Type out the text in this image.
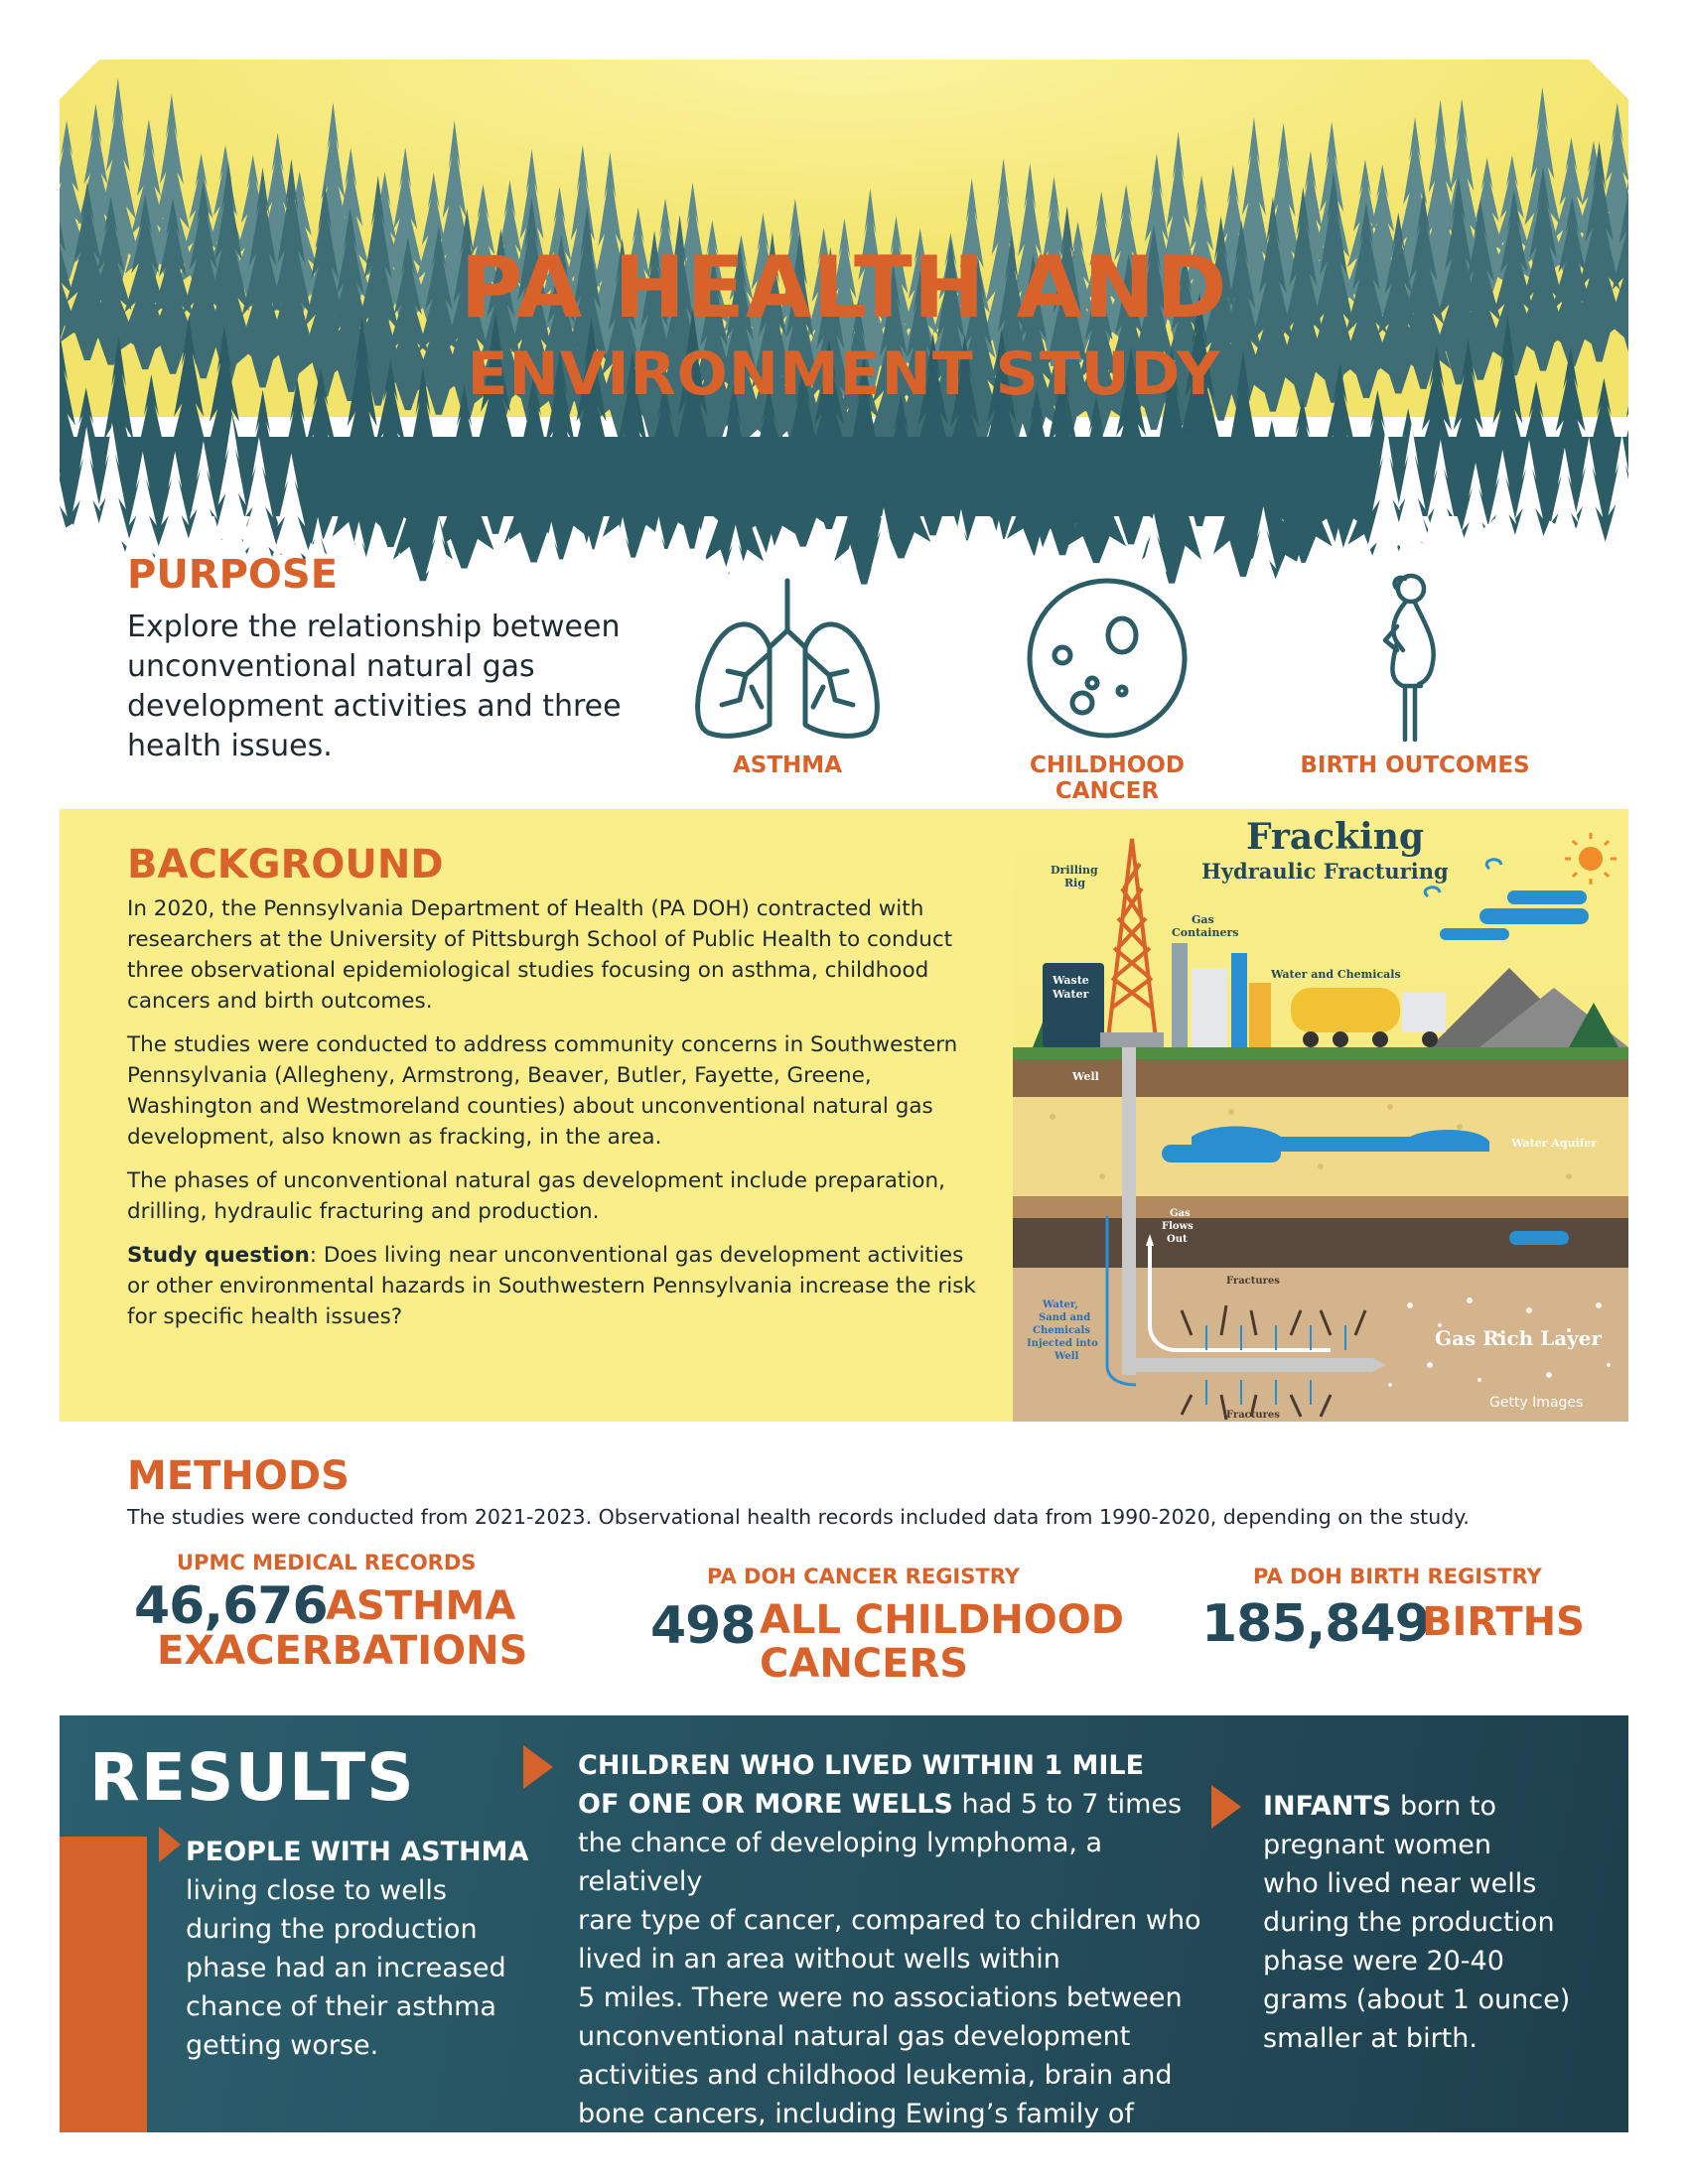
PA HEALTH AND
ENVIRONMENT STUDY
PURPOSE
Explore the relationship between
unconventional natural gas
development activities and three
health issues.
ASTHMA	CHILDHOOD CANCER
BIRTH OUTCOMES
BACKGROUND

In 2020, the Pennsylvania Department of Health (PA DOH) contracted with researchers at the University of Pittsburgh School of Public Health to conduct three observational epidemiological studies focusing on asthma, childhood cancers and birth outcomes.

The studies were conducted to address community concerns in Southwestern Pennsylvania (Allegheny, Armstrong, Beaver, Butler, Fayette, Greene, Washington and Westmoreland counties) about unconventional natural gas development, also known as fracking, in the area.

The phases of unconventional natural gas development include preparation, drilling, hydraulic fracturing and production.

Study question: Does living near unconventional gas development activities or other environmental hazards in Southwestern Pennsylvania increase the risk for specific health issues?

Fracking
Hydraulic Fracturing
Drilling
Rig
Gas
Containers
Waste
Water
Water and Chemicals
Well
Water Aquifer
Gas
Flows
Out
Water,
Sand and
Chemicals
Injected into
Well
Fractures
Fractures
Gas Rich Layer
Getty Images
METHODS
The studies were conducted from 2021-2023. Observational health records included data from 1990-2020, depending on the study.
UPMC MEDICAL RECORDS
46,676
ASTHMA
EXACERBATIONS
PA DOH CANCER REGISTRY
498 ALL CHILDHOOD
CANCERS
PA DOH BIRTH REGISTRY
185,849
BIRTHS
RESULTS
PEOPLE WITH ASTHMA
living close to wells
during the production
phase had an increased
chance of their asthma
getting worse.
CHILDREN WHO LIVED WITHIN 1 MILE
OF ONE OR MORE WELLS had 5 to 7 times
the chance of developing lymphoma, a relatively
rare type of cancer, compared to children who
lived in an area without wells within
5 miles. There were no associations between
unconventional natural gas development
activities and childhood leukemia, brain and
bone cancers, including Ewing’s family of tumors.
INFANTS born to
pregnant women
who lived near wells
during the production
phase were 20-40
grams (about 1 ounce)
smaller at birth.
